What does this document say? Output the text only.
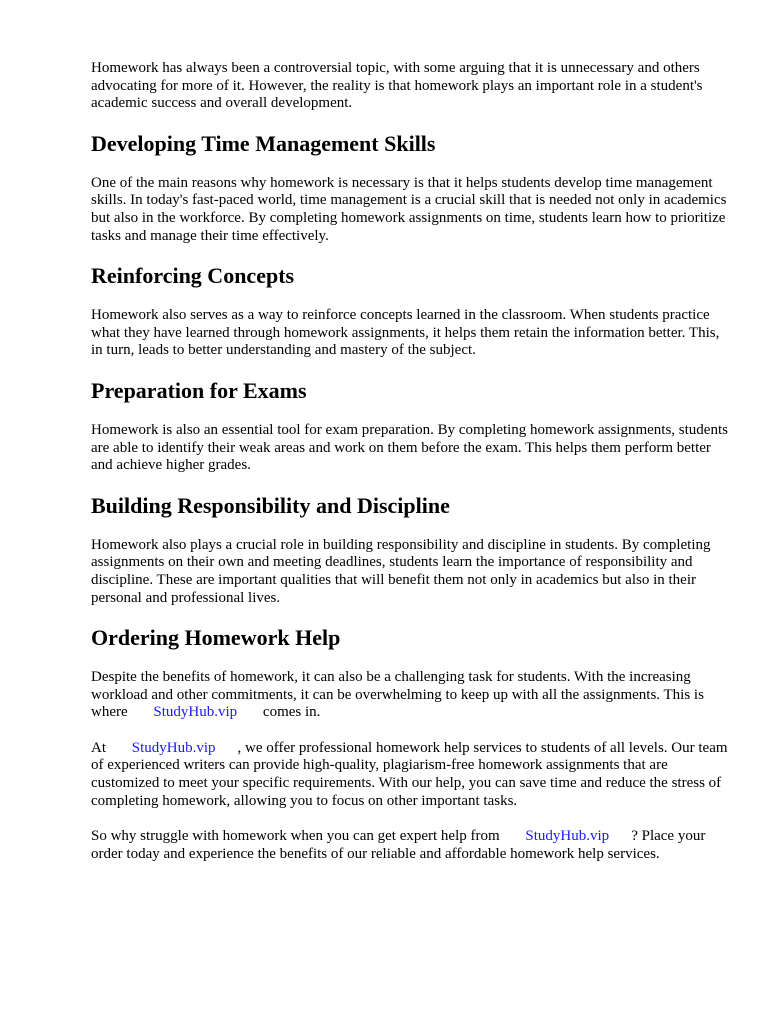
Homework has always been a controversial topic, with some arguing that it is unnecessary and others advocating for more of it. However, the reality is that homework plays an important role in a student's academic success and overall development.

Developing Time Management Skills

One of the main reasons why homework is necessary is that it helps students develop time management skills. In today's fast-paced world, time management is a crucial skill that is needed not only in academics but also in the workforce. By completing homework assignments on time, students learn how to prioritize tasks and manage their time effectively.

Reinforcing Concepts

Homework also serves as a way to reinforce concepts learned in the classroom. When students practice what they have learned through homework assignments, it helps them retain the information better. This, in turn, leads to better understanding and mastery of the subject.

Preparation for Exams

Homework is also an essential tool for exam preparation. By completing homework assignments, students are able to identify their weak areas and work on them before the exam. This helps them perform better and achieve higher grades.

Building Responsibility and Discipline

Homework also plays a crucial role in building responsibility and discipline in students. By completing assignments on their own and meeting deadlines, students learn the importance of responsibility and discipline. These are important qualities that will benefit them not only in academics but also in their personal and professional lives.

Ordering Homework Help

Despite the benefits of homework, it can also be a challenging task for students. With the increasing workload and other commitments, it can be overwhelming to keep up with all the assignments. This is where StudyHub.vip comes in.

At StudyHub.vip , we offer professional homework help services to students of all levels. Our team of experienced writers can provide high-quality, plagiarism-free homework assignments that are customized to meet your specific requirements. With our help, you can save time and reduce the stress of completing homework, allowing you to focus on other important tasks.

So why struggle with homework when you can get expert help from StudyHub.vip ? Place your order today and experience the benefits of our reliable and affordable homework help services.
